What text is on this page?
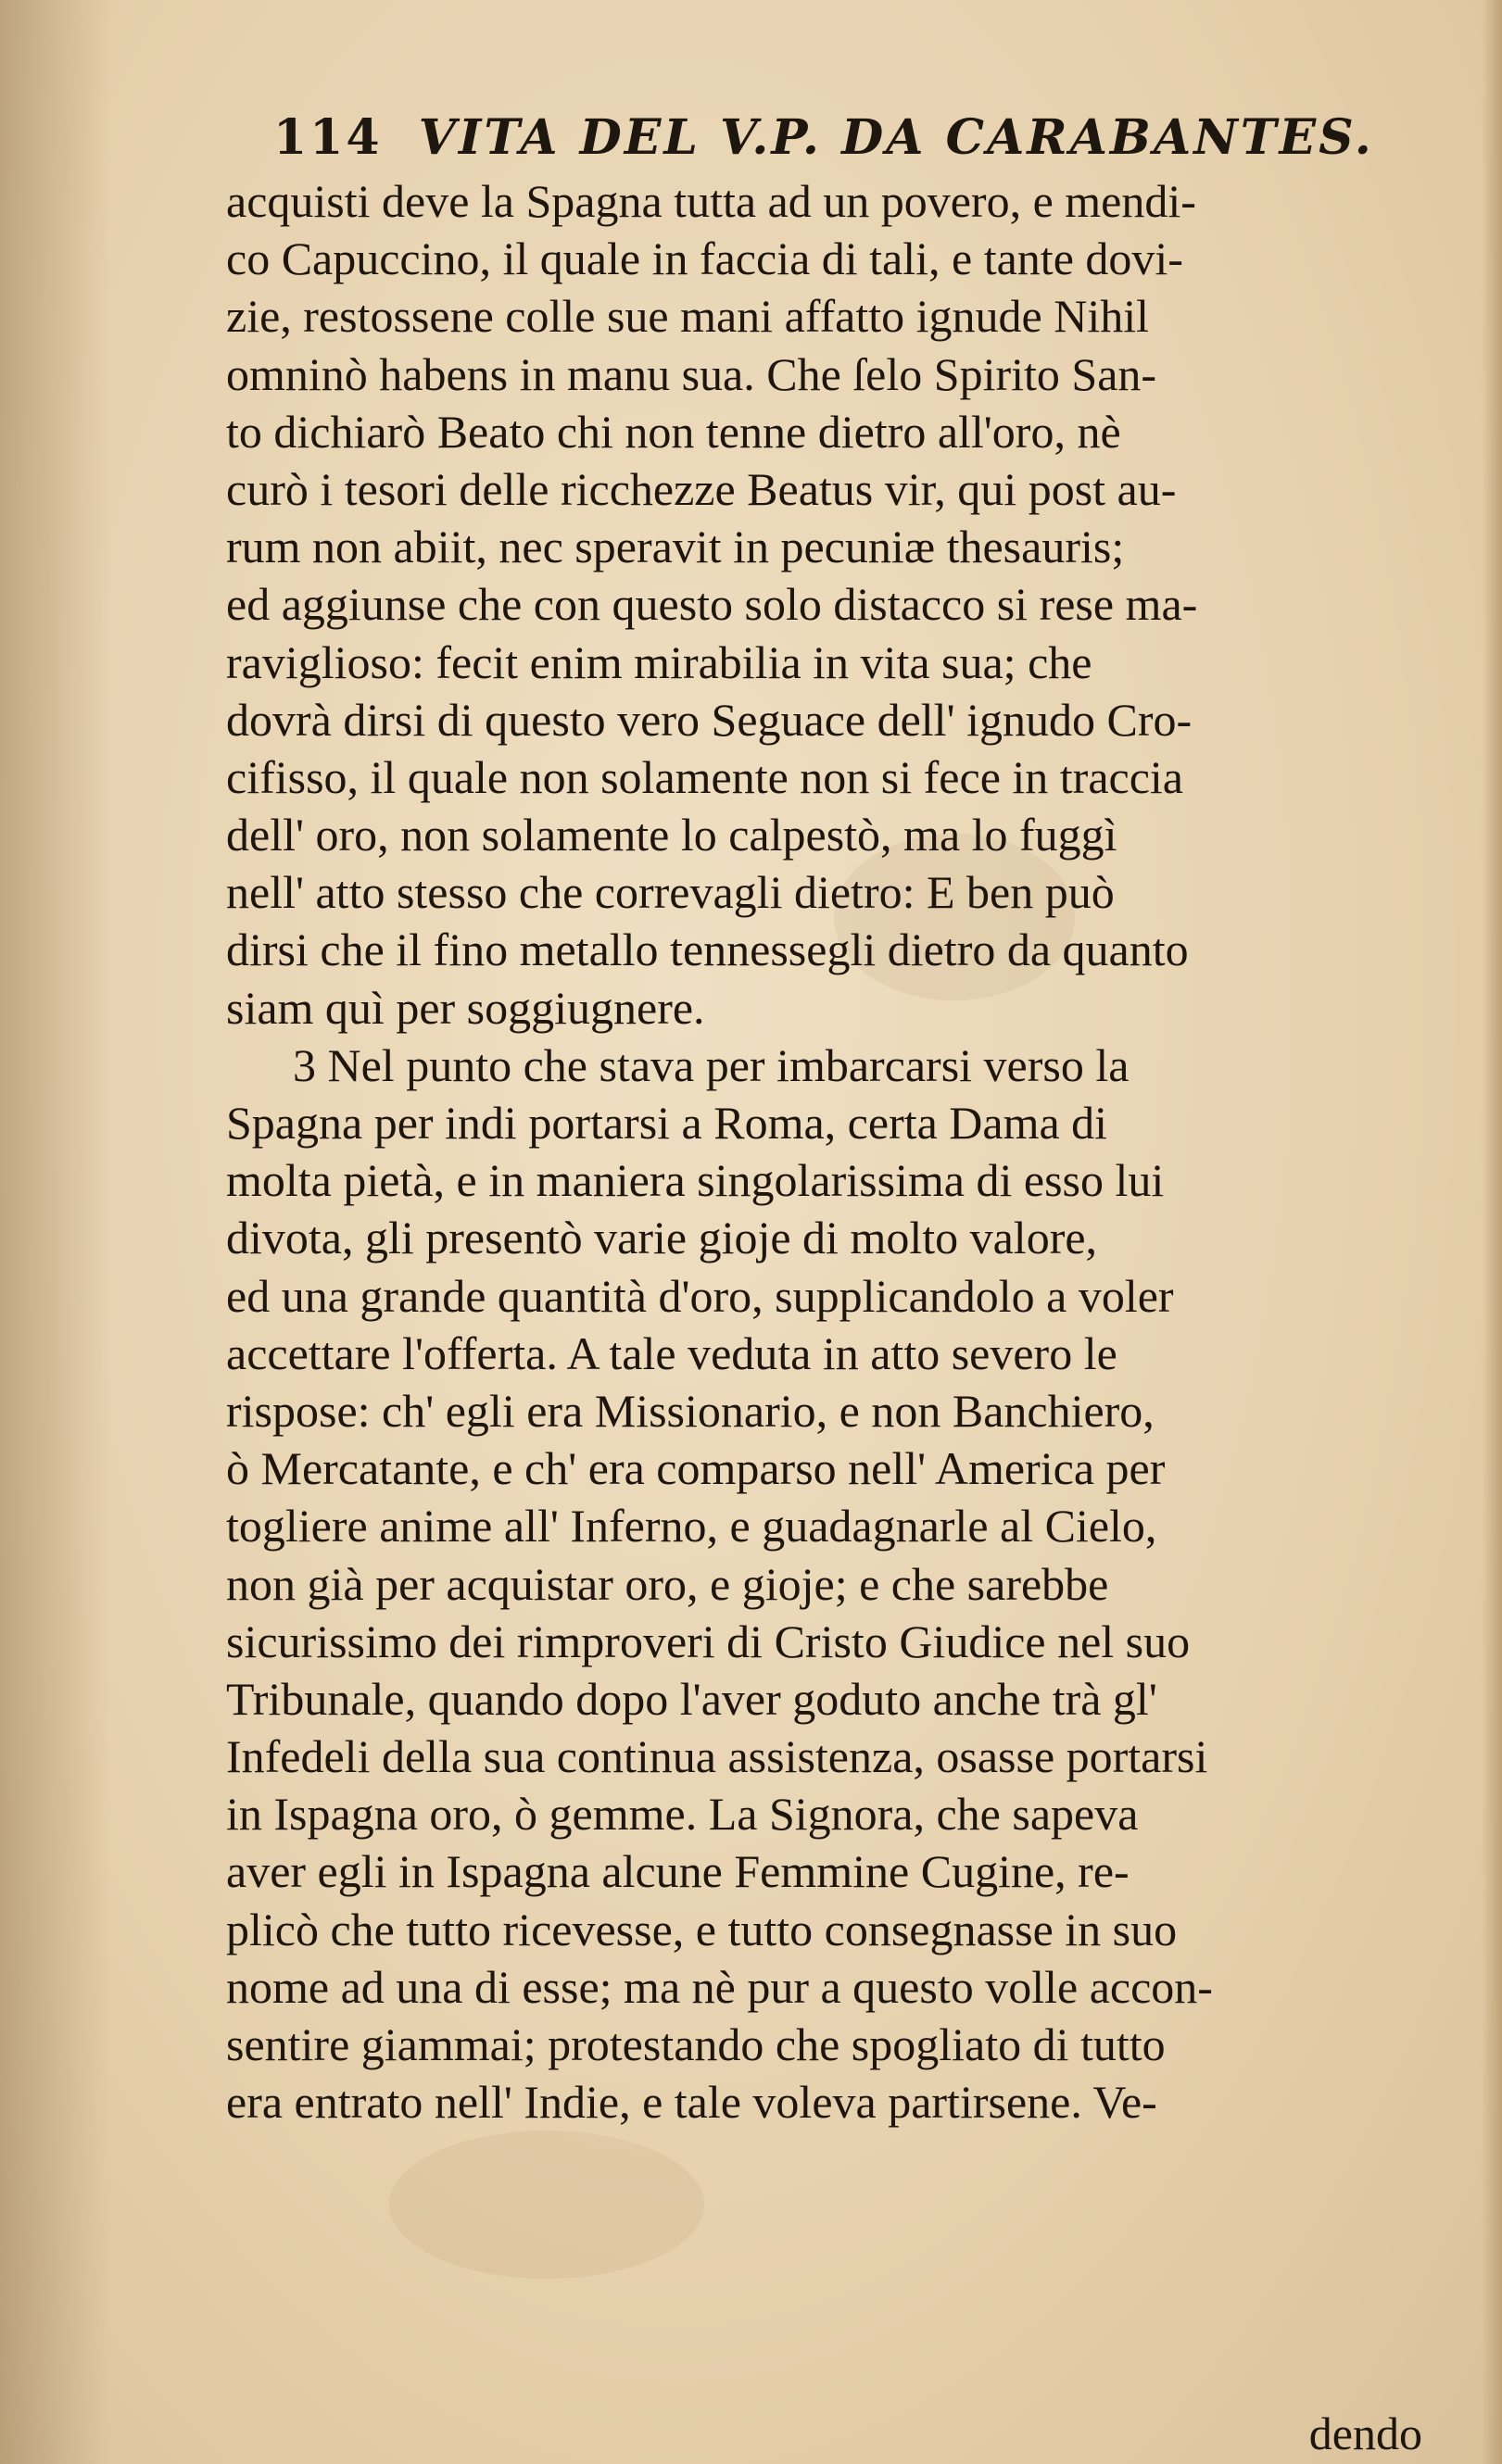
114 VITA DEL V.P. DA CARABANTES.
acquisti deve la Spagna tutta ad un povero, e mendi-
co Capuccino, il quale in faccia di tali, e tante dovi-
zie, restossene colle sue mani affatto ignude Nihil
omninò habens in manu sua. Che ſelo Spirito San-
to dichiarò Beato chi non tenne dietro all'oro, nè
curò i tesori delle ricchezze Beatus vir, qui post au-
rum non abiit, nec speravit in pecuniæ thesauris;
ed aggiunse che con questo solo distacco si rese ma-
raviglioso: fecit enim mirabilia in vita sua; che
dovrà dirsi di questo vero Seguace dell' ignudo Cro-
cifisso, il quale non solamente non si fece in traccia
dell' oro, non solamente lo calpestò, ma lo fuggì
nell' atto stesso che correvagli dietro: E ben può
dirsi che il fino metallo tennessegli dietro da quanto
siam quì per soggiugnere.
3 Nel punto che stava per imbarcarsi verso la
Spagna per indi portarsi a Roma, certa Dama di
molta pietà, e in maniera singolarissima di esso lui
divota, gli presentò varie gioje di molto valore,
ed una grande quantità d'oro, supplicandolo a voler
accettare l'offerta. A tale veduta in atto severo le
rispose: ch' egli era Missionario, e non Banchiero,
ò Mercatante, e ch' era comparso nell' America per
togliere anime all' Inferno, e guadagnarle al Cielo,
non già per acquistar oro, e gioje; e che sarebbe
sicurissimo dei rimproveri di Cristo Giudice nel suo
Tribunale, quando dopo l'aver goduto anche trà gl'
Infedeli della sua continua assistenza, osasse portarsi
in Ispagna oro, ò gemme. La Signora, che sapeva
aver egli in Ispagna alcune Femmine Cugine, re-
plicò che tutto ricevesse, e tutto consegnasse in suo
nome ad una di esse; ma nè pur a questo volle accon-
sentire giammai; protestando che spogliato di tutto
era entrato nell' Indie, e tale voleva partirsene. Ve-
dendo
